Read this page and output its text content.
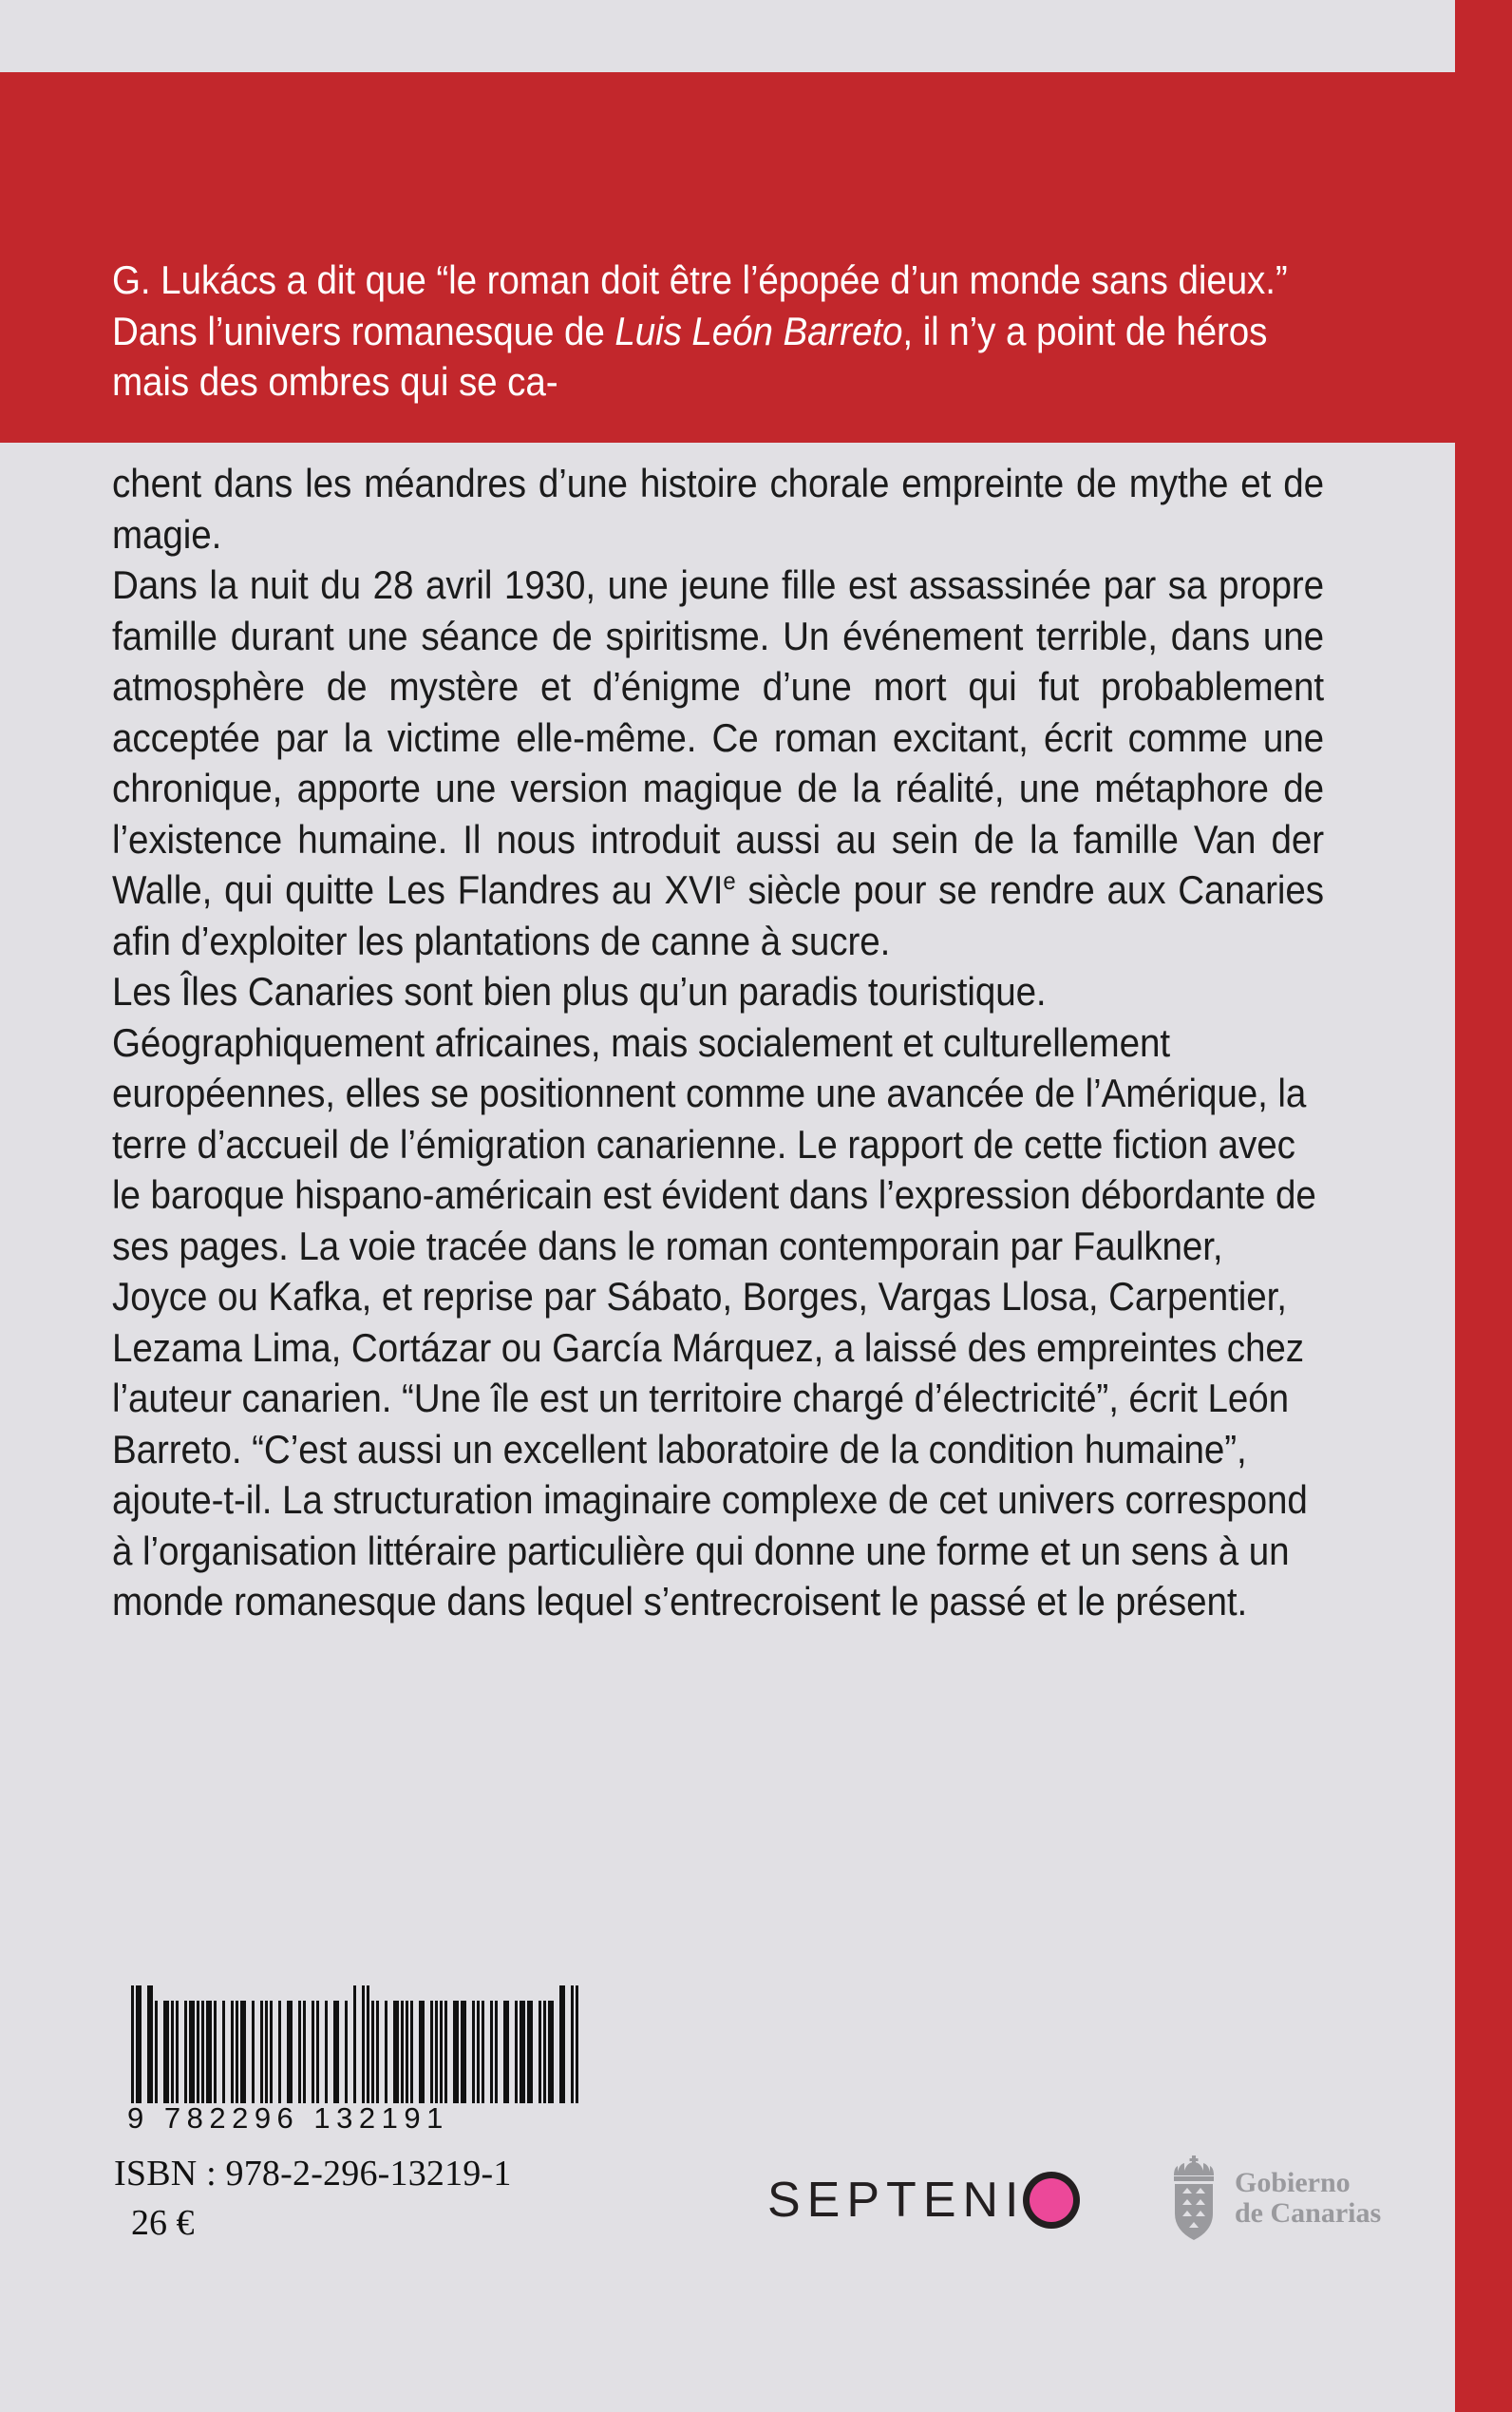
G. Lukács a dit que “le roman doit être l’épopée d’un monde sans dieux.” Dans l’univers romanesque de Luis León Barreto, il n’y a point de héros mais des ombres qui se ca-

chent dans les méandres d’une histoire chorale empreinte de mythe et de magie.

Dans la nuit du 28 avril 1930, une jeune fille est assassinée par sa propre famille durant une séance de spiritisme. Un événement terrible, dans une atmosphère de mystère et d’énigme d’une mort qui fut probablement acceptée par la victime elle-même. Ce roman excitant, écrit comme une chronique, apporte une version magique de la réalité, une métaphore de l’existence humaine. Il nous introduit aussi au sein de la famille Van der Walle, qui quitte Les Flandres au XVIe siècle pour se rendre aux Canaries afin d’exploiter les plantations de canne à sucre.

Les Îles Canaries sont bien plus qu’un paradis touristique. Géographiquement africaines, mais socialement et culturellement européennes, elles se positionnent comme une avancée de l’Amérique, la terre d’accueil de l’émigration canarienne. Le rapport de cette fiction avec le baroque hispano-américain est évident dans l’expression débordante de ses pages. La voie tracée dans le roman contemporain par Faulkner, Joyce ou Kafka, et reprise par Sábato, Borges, Vargas Llosa, Carpentier, Lezama Lima, Cortázar ou García Márquez, a laissé des empreintes chez l’auteur canarien. “Une île est un territoire chargé d’électricité”, écrit León Barreto. “C’est aussi un excellent laboratoire de la condition humaine”, ajoute-t-il. La structuration imaginaire complexe de cet univers correspond à l’organisation littéraire particulière qui donne une forme et un sens à un monde romanesque dans lequel s’entrecroisent le passé et le présent.

9 782296 132191
ISBN : 978-2-296-13219-1
26 €	SEPTENI	Gobierno
de Canarias
